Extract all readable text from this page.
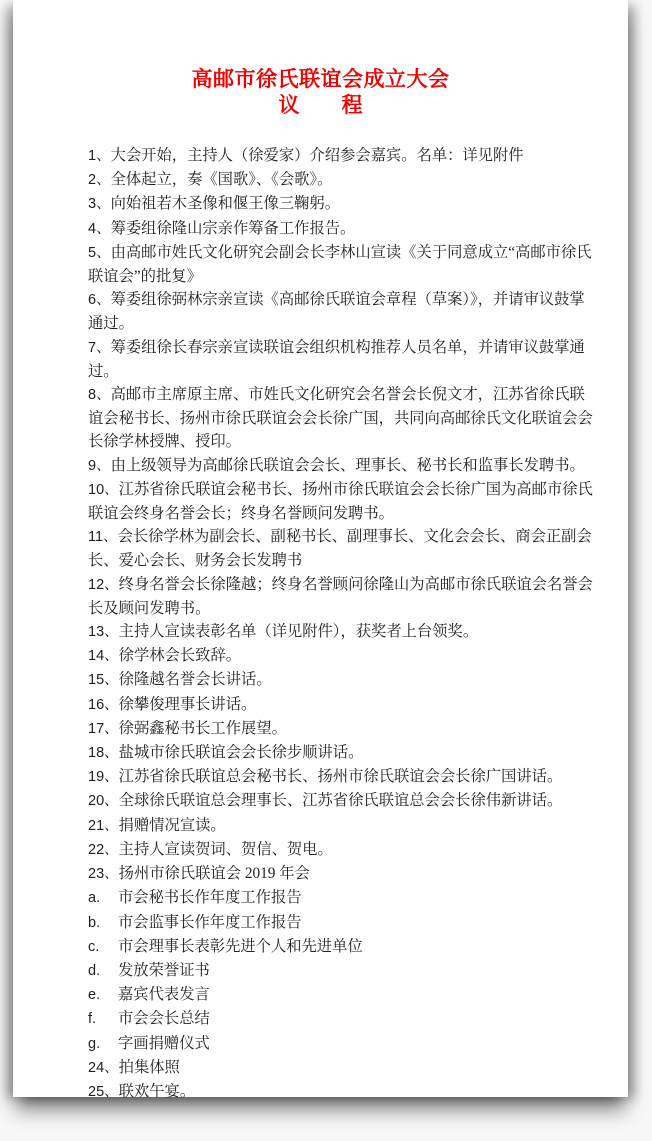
高邮市徐氏联谊会成立大会
议　　程

1、大会开始，主持人（徐爱家）介绍参会嘉宾。名单：详见附件

2、全体起立，奏《国歌》、《会歌》。

3、向始祖若木圣像和偃王像三鞠躬。

4、筹委组徐隆山宗亲作筹备工作报告。

5、由高邮市姓氏文化研究会副会长李林山宣读《关于同意成立“高邮市徐氏联谊会”的批复》

6、筹委组徐弼林宗亲宣读《高邮徐氏联谊会章程（草案）》，并请审议鼓掌通过。

7、筹委组徐长春宗亲宣读联谊会组织机构推荐人员名单，并请审议鼓掌通过。

8、高邮市主席原主席、市姓氏文化研究会名誉会长倪文才，江苏省徐氏联谊会秘书长、扬州市徐氏联谊会会长徐广国，共同向高邮徐氏文化联谊会会长徐学林授牌、授印。

9、由上级领导为高邮徐氏联谊会会长、理事长、秘书长和监事长发聘书。

10、江苏省徐氏联谊会秘书长、扬州市徐氏联谊会会长徐广国为高邮市徐氏联谊会终身名誉会长；终身名誉顾问发聘书。

11、会长徐学林为副会长、副秘书长、副理事长、文化会会长、商会正副会长、爱心会长、财务会长发聘书

12、终身名誉会长徐隆越；终身名誉顾问徐隆山为高邮市徐氏联谊会名誉会长及顾问发聘书。

13、主持人宣读表彰名单（详见附件），获奖者上台领奖。

14、徐学林会长致辞。

15、徐隆越名誉会长讲话。

16、徐攀俊理事长讲话。

17、徐弼鑫秘书长工作展望。

18、盐城市徐氏联谊会会长徐步顺讲话。

19、江苏省徐氏联谊总会秘书长、扬州市徐氏联谊会会长徐广国讲话。

20、全球徐氏联谊总会理事长、江苏省徐氏联谊总会会长徐伟新讲话。

21、捐赠情况宣读。

22、主持人宣读贺词、贺信、贺电。

23、扬州市徐氏联谊会 2019 年会

a. 市会秘书长作年度工作报告

b. 市会监事长作年度工作报告

c. 市会理事长表彰先进个人和先进单位

d. 发放荣誉证书

e. 嘉宾代表发言

f. 市会会长总结

g. 字画捐赠仪式

24、拍集体照

25、联欢午宴。
